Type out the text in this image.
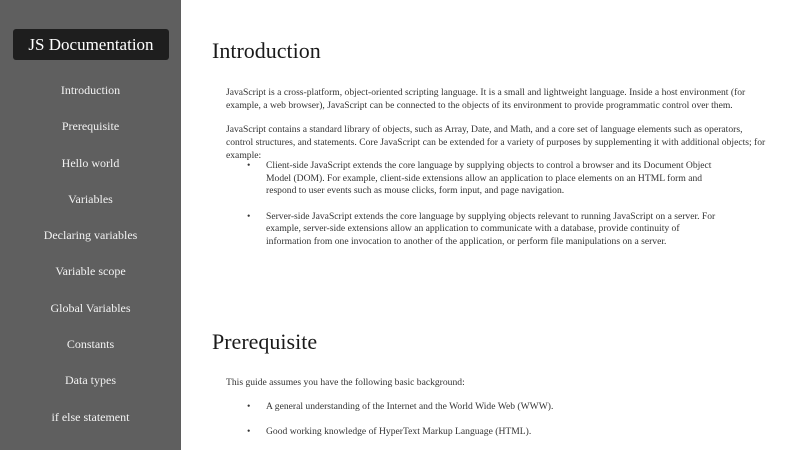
JS Documentation
Introduction
Prerequisite
Hello world
Variables
Declaring variables
Variable scope
Global Variables
Constants
Data types
if else statement
Introduction

JavaScript is a cross-platform, object-oriented scripting language. It is a small and lightweight language. Inside a host environment (for example, a web browser), JavaScript can be connected to the objects of its environment to provide programmatic control over them.

JavaScript contains a standard library of objects, such as Array, Date, and Math, and a core set of language elements such as operators, control structures, and statements. Core JavaScript can be extended for a variety of purposes by supplementing it with additional objects; for example:

• Client-side JavaScript extends the core language by supplying objects to control a browser and its Document Object Model (DOM). For example, client-side extensions allow an application to place elements on an HTML form and respond to user events such as mouse clicks, form input, and page navigation.
• Server-side JavaScript extends the core language by supplying objects relevant to running JavaScript on a server. For example, server-side extensions allow an application to communicate with a database, provide continuity of information from one invocation to another of the application, or perform file manipulations on a server.
Prerequisite

This guide assumes you have the following basic background:

• A general understanding of the Internet and the World Wide Web (WWW).
• Good working knowledge of HyperText Markup Language (HTML).
